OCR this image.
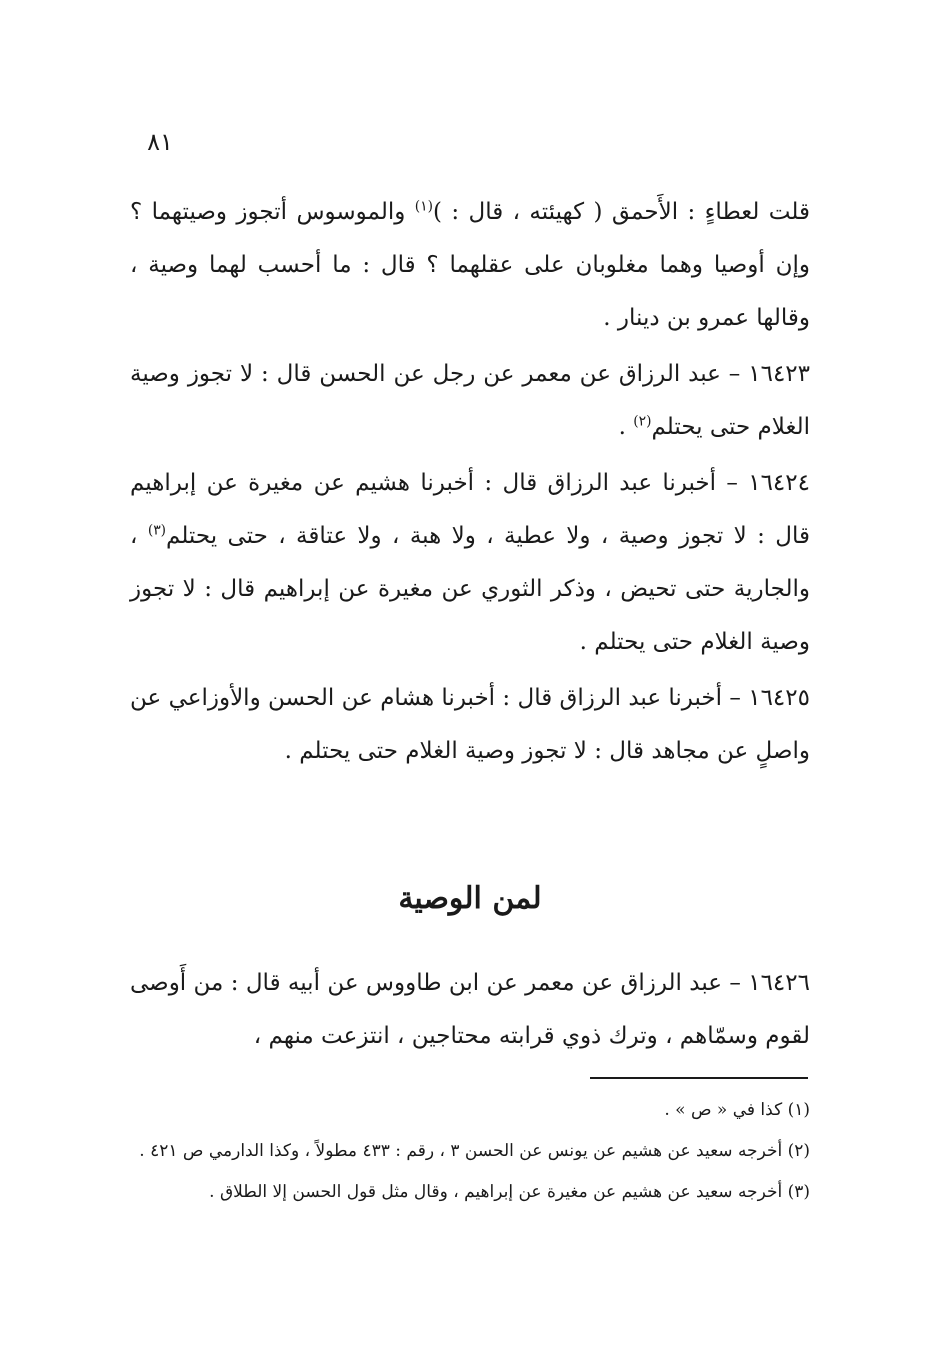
٨١

قلت لعطاءٍ : الأَحمق ( كهيئته ، قال : )$^{(١)}$ والموسوس أتجوز وصيتهما ؟ وإن أوصيا وهما مغلوبان على عقلهما ؟ قال : ما أحسب لهما وصية ، وقالها عمرو بن دينار .

١٦٤٢٣ – عبد الرزاق عن معمر عن رجل عن الحسن قال : لا تجوز وصية الغلام حتى يحتلم$^{(٢)}$ .

١٦٤٢٤ – أخبرنا عبد الرزاق قال : أخبرنا هشيم عن مغيرة عن إبراهيم قال : لا تجوز وصية ، ولا عطية ، ولا هبة ، ولا عتاقة ، حتى يحتلم$^{(٣)}$ ، والجارية حتى تحيض ، وذكر الثوري عن مغيرة عن إبراهيم قال : لا تجوز وصية الغلام حتى يحتلم .

١٦٤٢٥ – أخبرنا عبد الرزاق قال : أخبرنا هشام عن الحسن والأوزاعي عن واصلٍ عن مجاهد قال : لا تجوز وصية الغلام حتى يحتلم .

لمن الوصية

١٦٤٢٦ – عبد الرزاق عن معمر عن ابن طاووس عن أبيه قال : من أَوصى لقوم وسمّاهم ، وترك ذوي قرابته محتاجين ، انتزعت منهم ،

(١) كذا في « ص » .

(٢) أخرجه سعيد عن هشيم عن يونس عن الحسن ٣ ، رقم : ٤٣٣ مطولاً ، وكذا الدارمي ص ٤٢١ .

(٣) أخرجه سعيد عن هشيم عن مغيرة عن إبراهيم ، وقال مثل قول الحسن إلا الطلاق .
